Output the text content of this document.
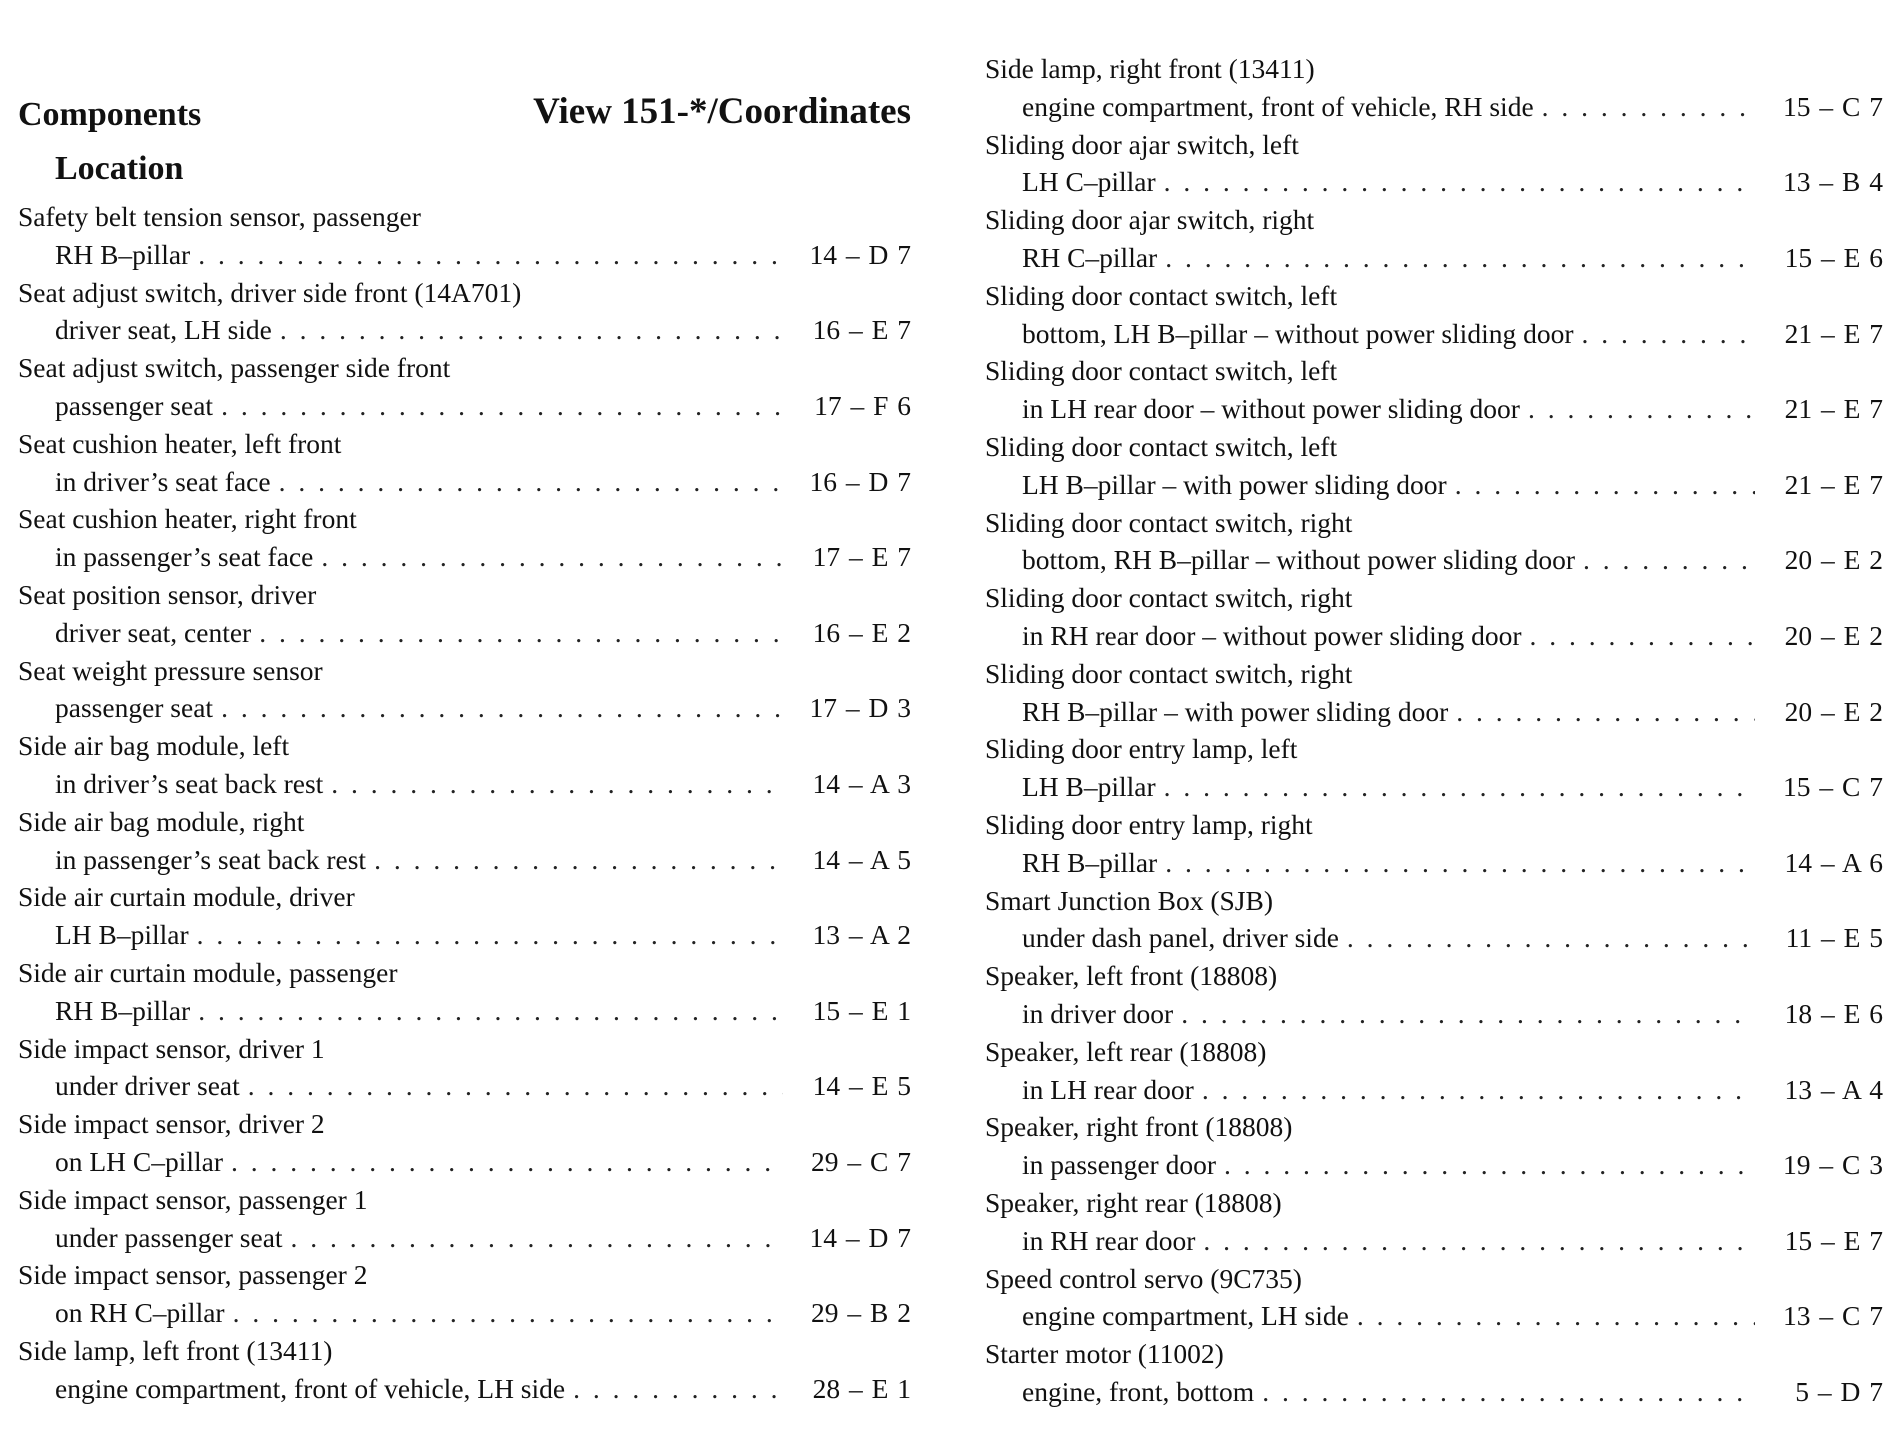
Components	View 151-*/Coordinates
Location
Safety belt tension sensor, passenger
RH B–pillar . . .	14 – D 7
Seat adjust switch, driver side front (14A701)
driver seat, LH side . . .	16 – E 7
Seat adjust switch, passenger side front
passenger seat . . .	17 – F 6
Seat cushion heater, left front
in driver’s seat face . . .	16 – D 7
Seat cushion heater, right front
in passenger’s seat face . . .	17 – E 7
Seat position sensor, driver
driver seat, center . . .	16 – E 2
Seat weight pressure sensor
passenger seat . . .	17 – D 3
Side air bag module, left
in driver’s seat back rest . . .	14 – A 3
Side air bag module, right
in passenger’s seat back rest . . .	14 – A 5
Side air curtain module, driver
LH B–pillar . . .	13 – A 2
Side air curtain module, passenger
RH B–pillar . . .	15 – E 1
Side impact sensor, driver 1
under driver seat . . .	14 – E 5
Side impact sensor, driver 2
on LH C–pillar . . .	29 – C 7
Side impact sensor, passenger 1
under passenger seat . . .	14 – D 7
Side impact sensor, passenger 2
on RH C–pillar . . .	29 – B 2
Side lamp, left front (13411)
engine compartment, front of vehicle, LH side . . .	28 – E 1
Side lamp, right front (13411)
engine compartment, front of vehicle, RH side . . .	15 – C 7
Sliding door ajar switch, left
LH C–pillar . . .	13 – B 4
Sliding door ajar switch, right
RH C–pillar . . .	15 – E 6
Sliding door contact switch, left
bottom, LH B–pillar – without power sliding door . . .	21 – E 7
Sliding door contact switch, left
in LH rear door – without power sliding door . . .	21 – E 7
Sliding door contact switch, left
LH B–pillar – with power sliding door . . .	21 – E 7
Sliding door contact switch, right
bottom, RH B–pillar – without power sliding door . . .	20 – E 2
Sliding door contact switch, right
in RH rear door – without power sliding door . . .	20 – E 2
Sliding door contact switch, right
RH B–pillar – with power sliding door . . .	20 – E 2
Sliding door entry lamp, left
LH B–pillar . . .	15 – C 7
Sliding door entry lamp, right
RH B–pillar . . .	14 – A 6
Smart Junction Box (SJB)
under dash panel, driver side . . .	11 – E 5
Speaker, left front (18808)
in driver door . . .	18 – E 6
Speaker, left rear (18808)
in LH rear door . . .	13 – A 4
Speaker, right front (18808)
in passenger door . . .	19 – C 3
Speaker, right rear (18808)
in RH rear door . . .	15 – E 7
Speed control servo (9C735)
engine compartment, LH side . . .	13 – C 7
Starter motor (11002)
engine, front, bottom . . .	5 – D 7
